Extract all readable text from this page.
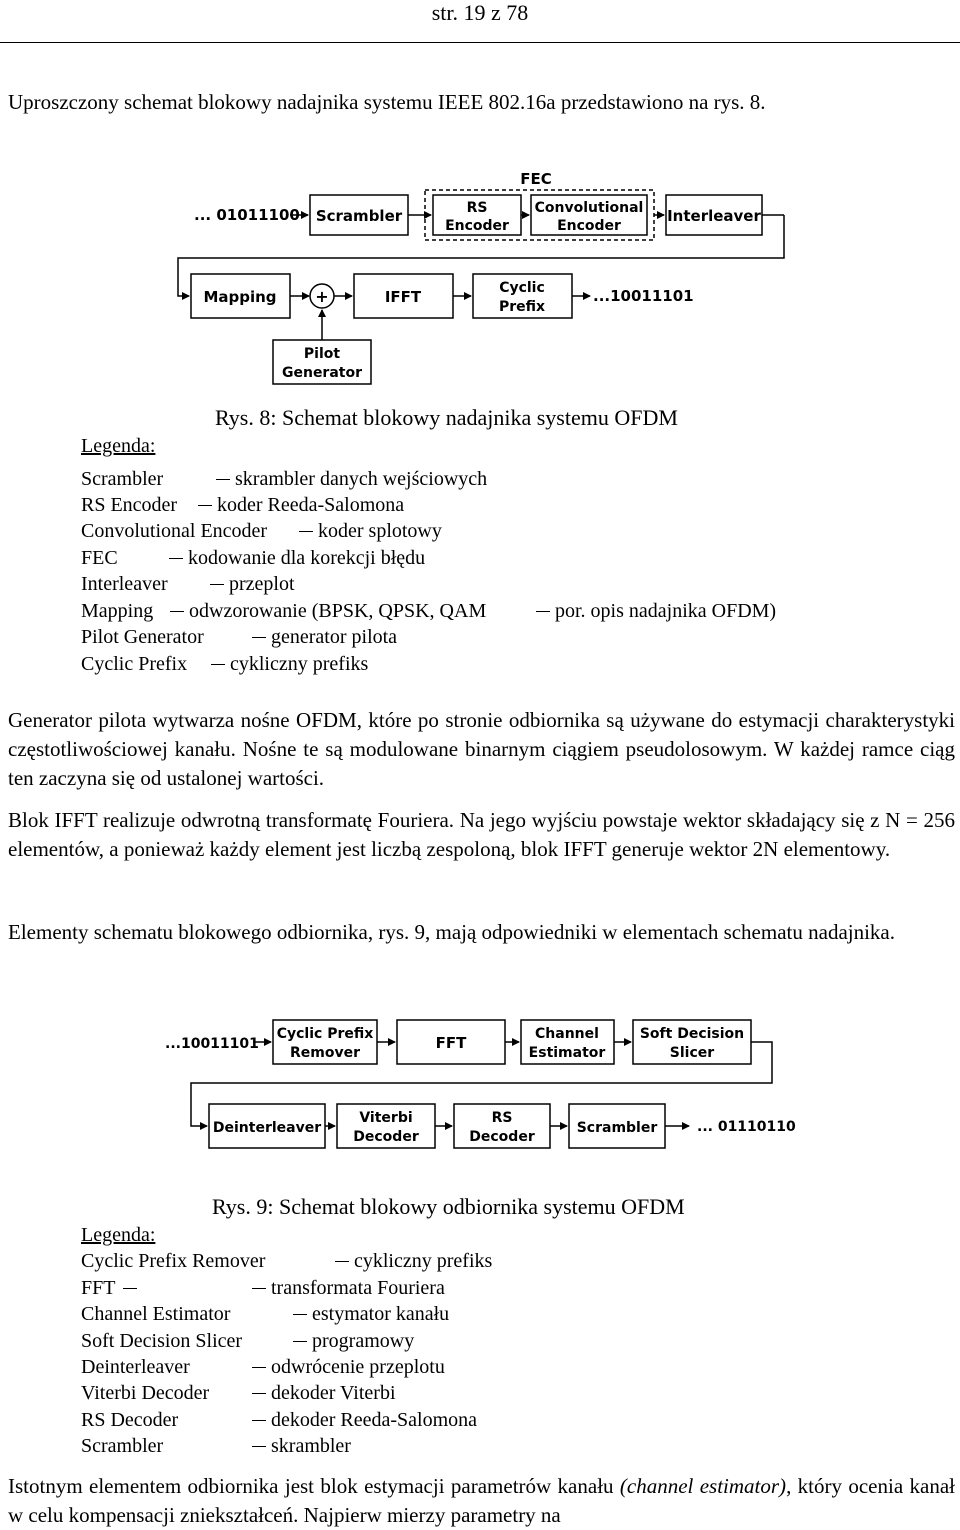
str. 19 z 78
Uproszczony schemat blokowy nadajnika systemu IEEE 802.16a przedstawiono na rys. 8.
FEC
... 01011100 Scrambler	RS
Encoder
Convolutional
Encoder
Interleaver
Mapping +	IFFT	Cyclic
Prefix
...10011101
Pilot
Generator
Rys. 8: Schemat blokowy nadajnika systemu OFDM
Legenda:
Scrambler	skrambler danych wejściowych
RS Encoder	koder Reeda-Salomona
Convolutional Encoder	koder splotowy
FEC	kodowanie dla korekcji błędu
Interleaver	przeplot
Mapping	odwzorowanie (BPSK, QPSK, QAM	por. opis nadajnika OFDM)
Pilot Generator	generator pilota
Cyclic Prefix	cykliczny prefiks
Generator pilota wytwarza nośne OFDM, które po stronie odbiornika są używane do estymacji charakterystyki częstotliwościowej kanału. Nośne te są modulowane binarnym ciągiem pseudolosowym. W każdej ramce ciąg ten zaczyna się od ustalonej wartości.
Blok IFFT realizuje odwrotną transformatę Fouriera. Na jego wyjściu powstaje wektor składający się z N = 256 elementów, a ponieważ każdy element jest liczbą zespoloną, blok IFFT generuje wektor 2N elementowy.
Elementy schematu blokowego odbiornika, rys. 9, mają odpowiedniki w elementach schematu nadajnika.
...10011101
Cyclic Prefix
Remover
FFT	Channel
Estimator
Soft Decision
Slicer
Deinterleaver
Viterbi
Decoder
RS
Decoder
Scrambler	... 01110110
Rys. 9: Schemat blokowy odbiornika systemu OFDM
Legenda:
Cyclic Prefix Remover	cykliczny prefiks
FFT	transformata Fouriera
Channel Estimator	estymator kanału
Soft Decision Slicer	programowy
Deinterleaver	odwrócenie przeplotu
Viterbi Decoder	dekoder Viterbi
RS Decoder	dekoder Reeda-Salomona
Scrambler	skrambler
Istotnym elementem odbiornika jest blok estymacji parametrów kanału (channel estimator), który ocenia kanał w celu kompensacji zniekształceń. Najpierw mierzy parametry na
